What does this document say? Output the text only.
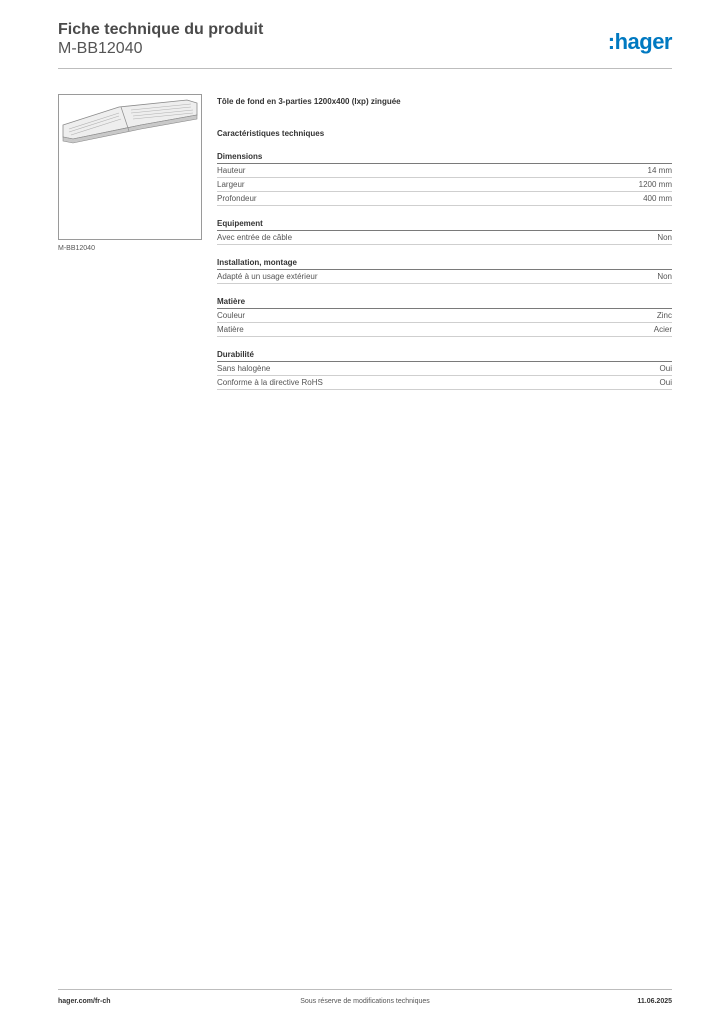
Fiche technique du produit
M-BB12040	:hager
M-BB12040
Tôle de fond en 3-parties 1200x400 (lxp) zinguée
Caractéristiques techniques
Dimensions
Hauteur	14 mm
Largeur	1200 mm
Profondeur	400 mm
Equipement
Avec entrée de câble	Non
Installation, montage
Adapté à un usage extérieur	Non
Matière
Couleur	Zinc
Matière	Acier
Durabilité
Sans halogène	Oui
Conforme à la directive RoHS	Oui
hager.com/fr-ch	Sous réserve de modifications techniques	11.06.2025
